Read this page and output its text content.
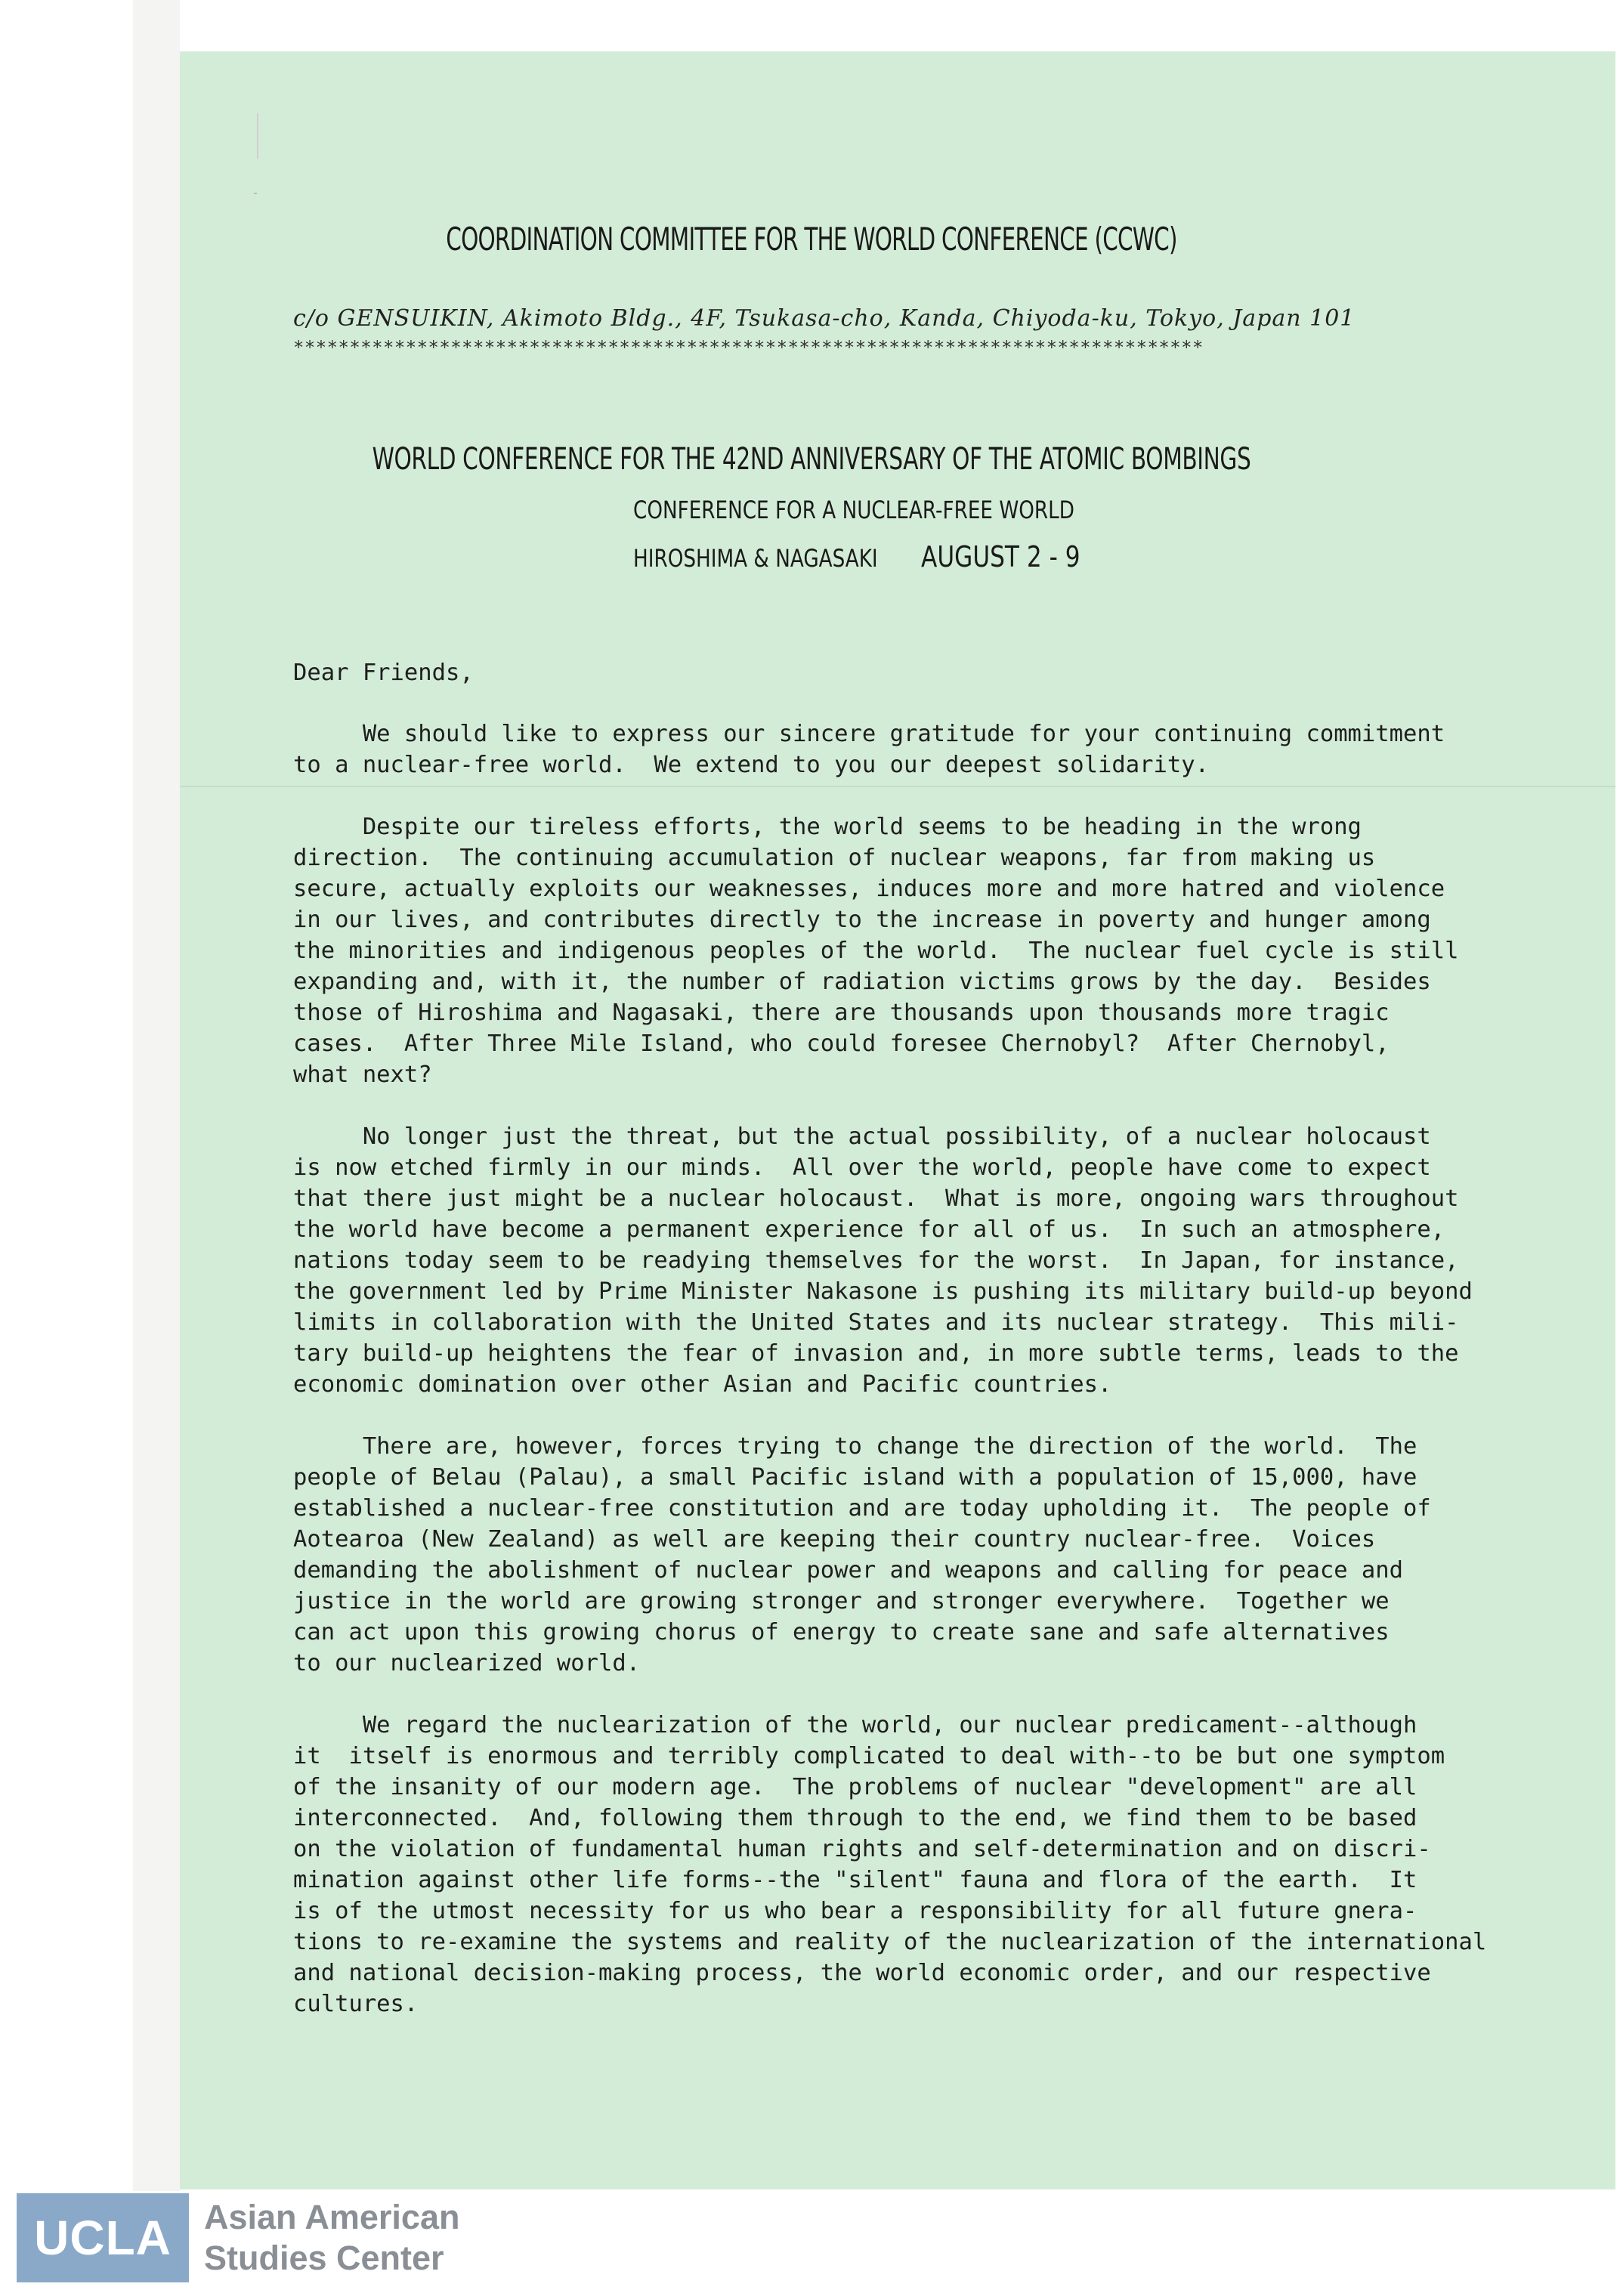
COORDINATION COMMITTEE FOR THE WORLD CONFERENCE (CCWC)
c/o GENSUIKIN, Akimoto Bldg., 4F, Tsukasa-cho, Kanda, Chiyoda-ku, Tokyo, Japan 101
*********************************************************************************
WORLD CONFERENCE FOR THE 42ND ANNIVERSARY OF THE ATOMIC BOMBINGS
CONFERENCE FOR A NUCLEAR-FREE WORLD
HIROSHIMA & NAGASAKI AUGUST 2 - 9
Dear Friends,
We should like to express our sincere gratitude for your continuing commitment
to a nuclear-free world.  We extend to you our deepest solidarity.
Despite our tireless efforts, the world seems to be heading in the wrong
direction.  The continuing accumulation of nuclear weapons, far from making us
secure, actually exploits our weaknesses, induces more and more hatred and violence
in our lives, and contributes directly to the increase in poverty and hunger among
the minorities and indigenous peoples of the world.  The nuclear fuel cycle is still
expanding and, with it, the number of radiation victims grows by the day.  Besides
those of Hiroshima and Nagasaki, there are thousands upon thousands more tragic
cases.  After Three Mile Island, who could foresee Chernobyl?  After Chernobyl,
what next?
No longer just the threat, but the actual possibility, of a nuclear holocaust
is now etched firmly in our minds.  All over the world, people have come to expect
that there just might be a nuclear holocaust.  What is more, ongoing wars throughout
the world have become a permanent experience for all of us.  In such an atmosphere,
nations today seem to be readying themselves for the worst.  In Japan, for instance,
the government led by Prime Minister Nakasone is pushing its military build-up beyond
limits in collaboration with the United States and its nuclear strategy.  This mili-
tary build-up heightens the fear of invasion and, in more subtle terms, leads to the
economic domination over other Asian and Pacific countries.
There are, however, forces trying to change the direction of the world.  The
people of Belau (Palau), a small Pacific island with a population of 15,000, have
established a nuclear-free constitution and are today upholding it.  The people of
Aotearoa (New Zealand) as well are keeping their country nuclear-free.  Voices
demanding the abolishment of nuclear power and weapons and calling for peace and
justice in the world are growing stronger and stronger everywhere.  Together we
can act upon this growing chorus of energy to create sane and safe alternatives
to our nuclearized world.
We regard the nuclearization of the world, our nuclear predicament--although
it  itself is enormous and terribly complicated to deal with--to be but one symptom
of the insanity of our modern age.  The problems of nuclear "development" are all
interconnected.  And, following them through to the end, we find them to be based
on the violation of fundamental human rights and self-determination and on discri-
mination against other life forms--the "silent" fauna and flora of the earth.  It
is of the utmost necessity for us who bear a responsibility for all future gnera-
tions to re-examine the systems and reality of the nuclearization of the international
and national decision-making process, the world economic order, and our respective
cultures.
UCLA Asian American
Studies Center
